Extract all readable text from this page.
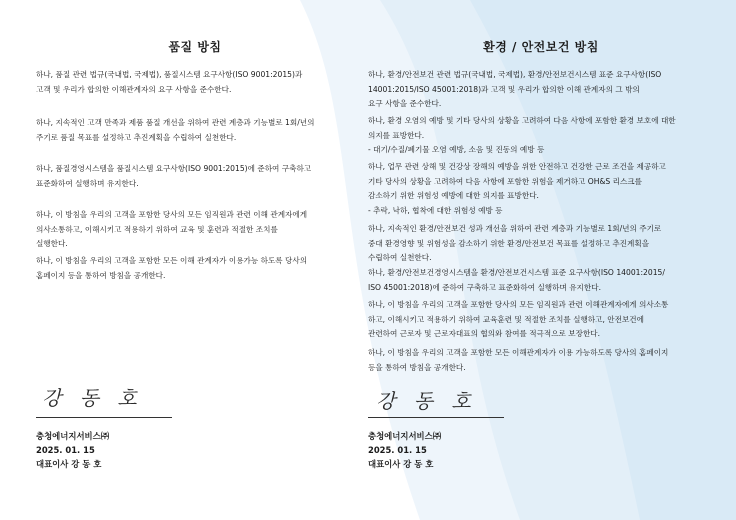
품질 방침
하나, 품질 관련 법규(국내법, 국제법), 품질시스템 요구사항(ISO 9001:2015)과
고객 및 우리가 합의한 이해관계자의 요구 사항을 준수한다.
하나, 지속적인 고객 만족과 제품 품질 개선을 위하여 관련 계층과 기능별로 1회/년의
주기로 품질 목표를 설정하고 추진계획을 수립하여 실천한다.
하나, 품질경영시스템을 품질시스템 요구사항(ISO 9001:2015)에 준하여 구축하고
표준화하여 실행하며 유지한다.
하나, 이 방침을 우리의 고객을 포함한 당사의 모든 임직원과 관련 이해 관계자에게
의사소통하고, 이해시키고 적용하기 위하여 교육 및 훈련과 적절한 조치를
실행한다.
하나, 이 방침을 우리의 고객을 포함한 모든 이해 관계자가 이용가능 하도록 당사의
홈페이지 등을 통하여 방침을 공개한다.
강 동 호
충청에너지서비스㈜
2025. 01. 15
대표이사 강 동 호
환경 / 안전보건 방침
하나, 환경/안전보건 관련 법규(국내법, 국제법), 환경/안전보건시스템 표준 요구사항(ISO
14001:2015/ISO 45001:2018)과 고객 및 우리가 합의한 이해 관계자의 그 밖의
요구 사항을 준수한다.
하나, 환경 오염의 예방 및 기타 당사의 상황을 고려하여 다음 사항에 포함한 환경 보호에 대한
의지를 표방한다.
- 대기/수질/폐기물 오염 예방, 소음 및 진동의 예방 등
하나, 업무 관련 상해 및 건강상 장해의 예방을 위한 안전하고 건강한 근로 조건을 제공하고
기타 당사의 상황을 고려하여 다음 사항에 포함한 위험을 제거하고 OH&S 리스크를
감소하기 위한 위험성 예방에 대한 의지를 표방한다.
- 추락, 낙하, 협착에 대한 위험성 예방 등
하나, 지속적인 환경/안전보건 성과 개선을 위하여 관련 계층과 기능별로 1회/년의 주기로
중대 환경영향 및 위험성을 감소하기 위한 환경/안전보건 목표를 설정하고 추진계획을
수립하여 실천한다.
하나, 환경/안전보건경영시스템을 환경/안전보건시스템 표준 요구사항(ISO 14001:2015/
ISO 45001:2018)에 준하여 구축하고 표준화하여 실행하며 유지한다.
하나, 이 방침을 우리의 고객을 포함한 당사의 모든 임직원과 관련 이해관계자에게 의사소통
하고, 이해시키고 적용하기 위하여 교육훈련 및 적절한 조치를 실행하고, 안전보건에
관련하여 근로자 및 근로자대표의 협의와 참여를 적극적으로 보장한다.
하나, 이 방침을 우리의 고객을 포함한 모든 이해관계자가 이용 가능하도록 당사의 홈페이지
등을 통하여 방침을 공개한다.
강 동 호
충청에너지서비스㈜
2025. 01. 15
대표이사 강 동 호
